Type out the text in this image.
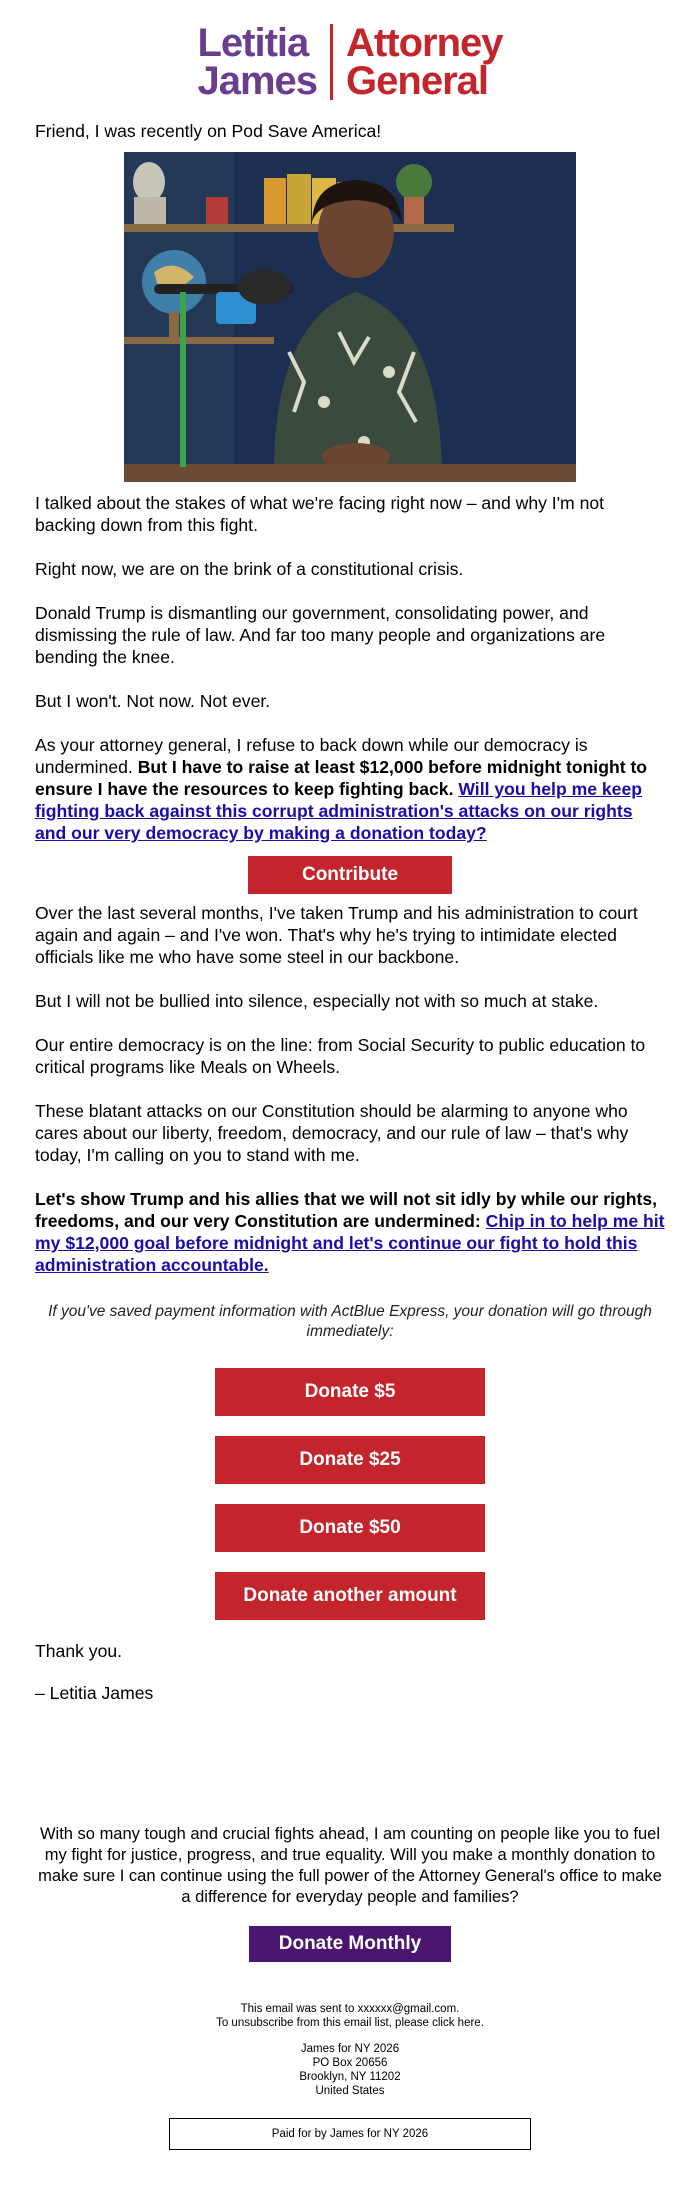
Letitia
James
Attorney
General

Friend, I was recently on Pod Save America!

I talked about the stakes of what we're facing right now – and why I'm not backing down from this fight.

Right now, we are on the brink of a constitutional crisis.

Donald Trump is dismantling our government, consolidating power, and dismissing the rule of law. And far too many people and organizations are bending the knee.

But I won't. Not now. Not ever.

As your attorney general, I refuse to back down while our democracy is undermined. But I have to raise at least $12,000 before midnight tonight to ensure I have the resources to keep fighting back. Will you help me keep fighting back against this corrupt administration's attacks on our rights and our very democracy by making a donation today?

Contribute

Over the last several months, I've taken Trump and his administration to court again and again – and I've won. That's why he's trying to intimidate elected officials like me who have some steel in our backbone.

But I will not be bullied into silence, especially not with so much at stake.

Our entire democracy is on the line: from Social Security to public education to critical programs like Meals on Wheels.

These blatant attacks on our Constitution should be alarming to anyone who cares about our liberty, freedom, democracy, and our rule of law – that's why today, I'm calling on you to stand with me.

Let's show Trump and his allies that we will not sit idly by while our rights, freedoms, and our very Constitution are undermined: Chip in to help me hit my $12,000 goal before midnight and let's continue our fight to hold this administration accountable.

If you've saved payment information with ActBlue Express, your donation will go through immediately:

Donate $5
Donate $25
Donate $50
Donate another amount

Thank you.

– Letitia James

With so many tough and crucial fights ahead, I am counting on people like you to fuel my fight for justice, progress, and true equality. Will you make a monthly donation to make sure I can continue using the full power of the Attorney General's office to make a difference for everyday people and families?

Donate Monthly
This email was sent to xxxxxx@gmail.com.
To unsubscribe from this email list, please click here.
James for NY 2026
PO Box 20656
Brooklyn, NY 11202
United States
Paid for by James for NY 2026
